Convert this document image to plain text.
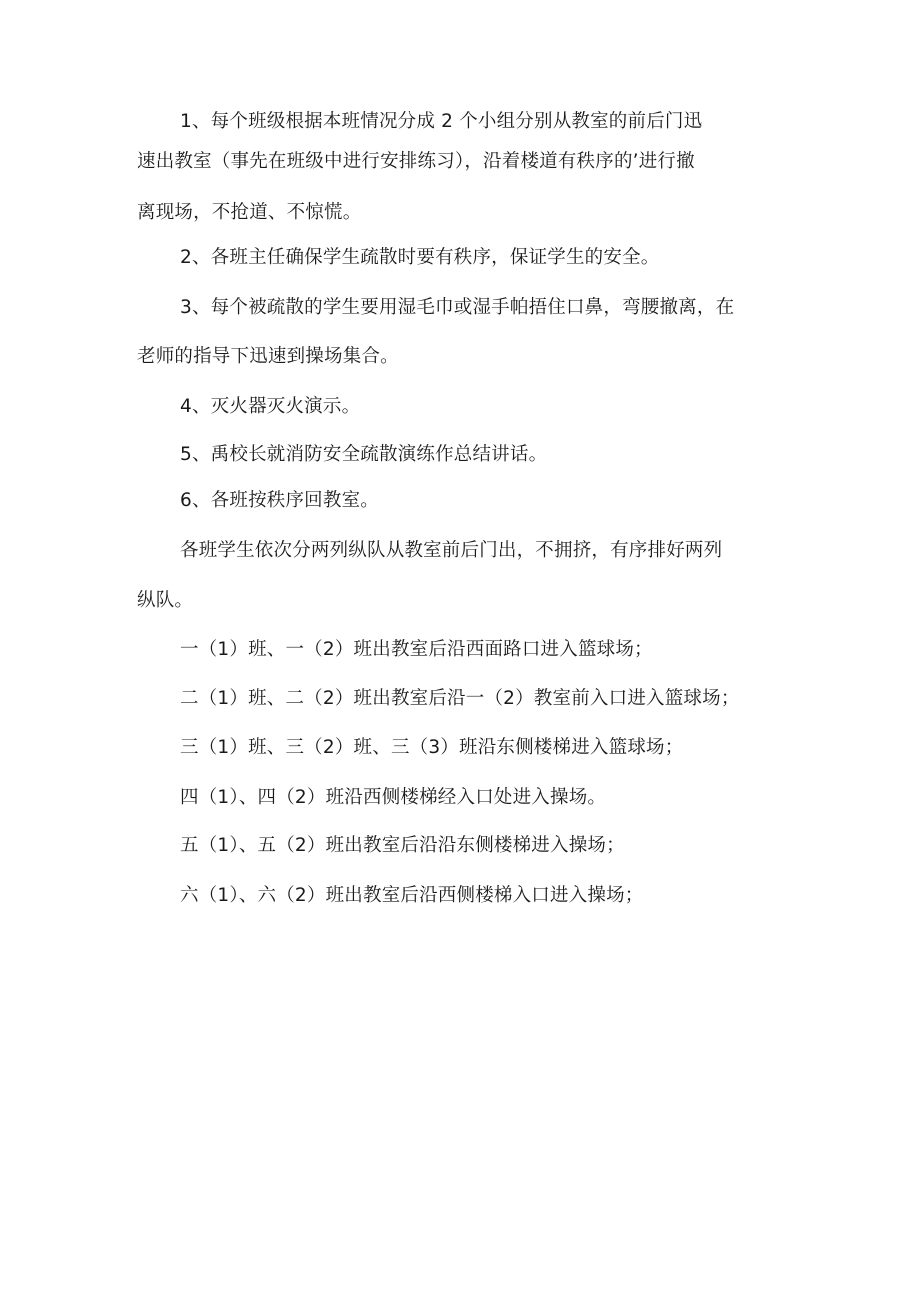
1、每个班级根据本班情况分成 2 个小组分别从教室的前后门迅
速出教室（事先在班级中进行安排练习），沿着楼道有秩序的’进行撤
离现场，不抢道、不惊慌。
2、各班主任确保学生疏散时要有秩序，保证学生的安全。
3、每个被疏散的学生要用湿毛巾或湿手帕捂住口鼻，弯腰撤离，在
老师的指导下迅速到操场集合。
4、灭火器灭火演示。
5、禹校长就消防安全疏散演练作总结讲话。
6、各班按秩序回教室。
各班学生依次分两列纵队从教室前后门出，不拥挤，有序排好两列
纵队。
一（1）班、一（2）班出教室后沿西面路口进入篮球场；
二（1）班、二（2）班出教室后沿一（2）教室前入口进入篮球场；
三（1）班、三（2）班、三（3）班沿东侧楼梯进入篮球场；
四（1）、四（2）班沿西侧楼梯经入口处进入操场。
五（1）、五（2）班出教室后沿沿东侧楼梯进入操场；
六（1）、六（2）班出教室后沿西侧楼梯入口进入操场；
